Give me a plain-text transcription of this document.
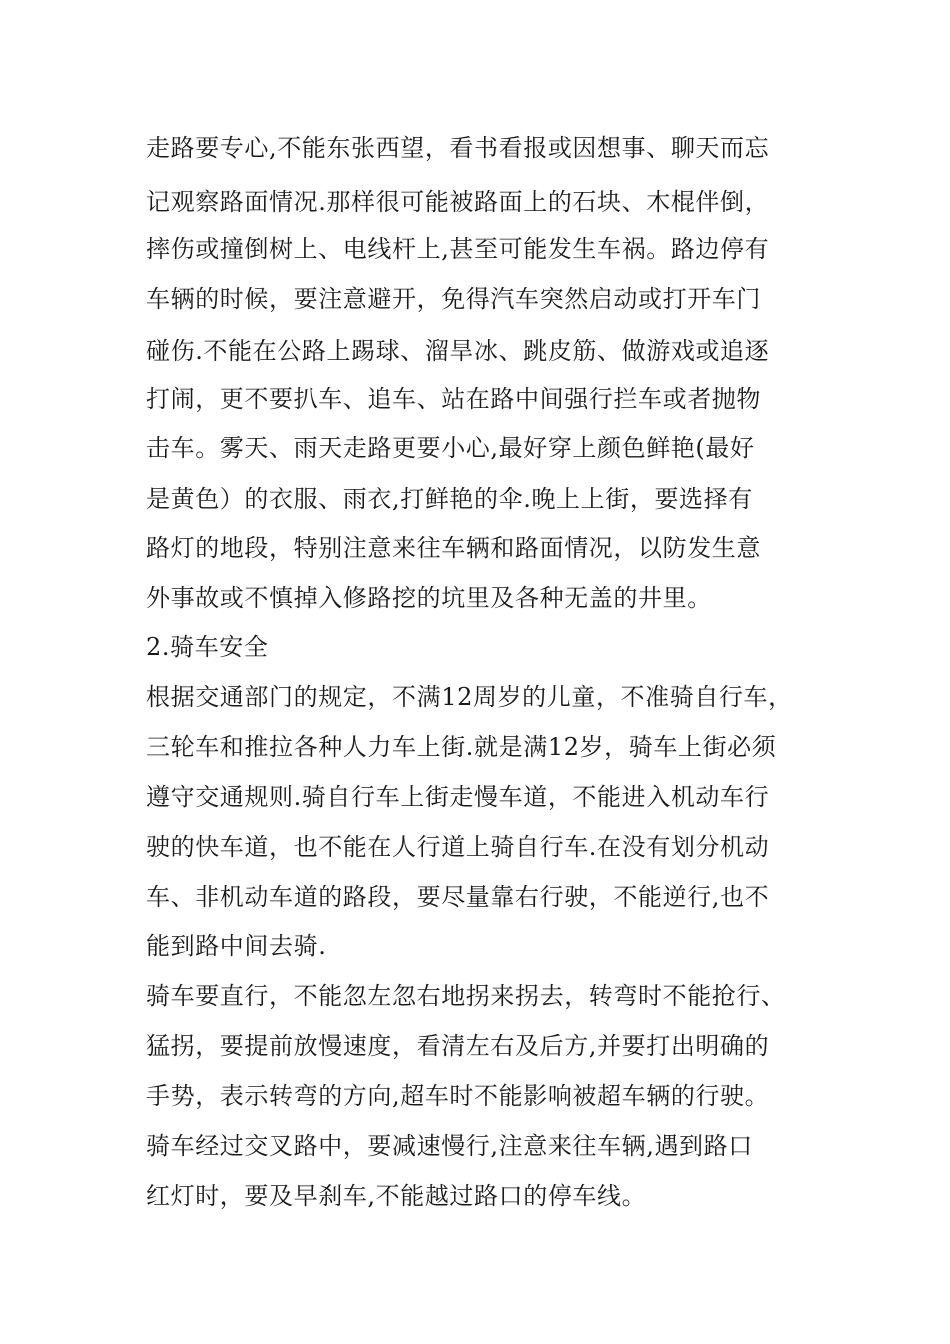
走路要专心,不能东张西望，看书看报或因想事、聊天而忘
记观察路面情况.那样很可能被路面上的石块、木棍伴倒，
摔伤或撞倒树上、电线杆上,甚至可能发生车祸。路边停有
车辆的时候，要注意避开，免得汽车突然启动或打开车门
碰伤.不能在公路上踢球、溜旱冰、跳皮筋、做游戏或追逐
打闹，更不要扒车、追车、站在路中间强行拦车或者抛物
击车。雾天、雨天走路更要小心,最好穿上颜色鲜艳(最好
是黄色）的衣服、雨衣,打鲜艳的伞.晚上上街，要选择有
路灯的地段，特别注意来往车辆和路面情况，以防发生意
外事故或不慎掉入修路挖的坑里及各种无盖的井里。
2.骑车安全
根据交通部门的规定，不满12周岁的儿童，不准骑自行车，
三轮车和推拉各种人力车上街.就是满12岁，骑车上街必须
遵守交通规则.骑自行车上街走慢车道，不能进入机动车行
驶的快车道，也不能在人行道上骑自行车.在没有划分机动
车、非机动车道的路段，要尽量靠右行驶，不能逆行,也不
能到路中间去骑.
骑车要直行，不能忽左忽右地拐来拐去，转弯时不能抢行、
猛拐，要提前放慢速度，看清左右及后方,并要打出明确的
手势，表示转弯的方向,超车时不能影响被超车辆的行驶。
骑车经过交叉路中，要减速慢行,注意来往车辆,遇到路口
红灯时，要及早刹车,不能越过路口的停车线。
